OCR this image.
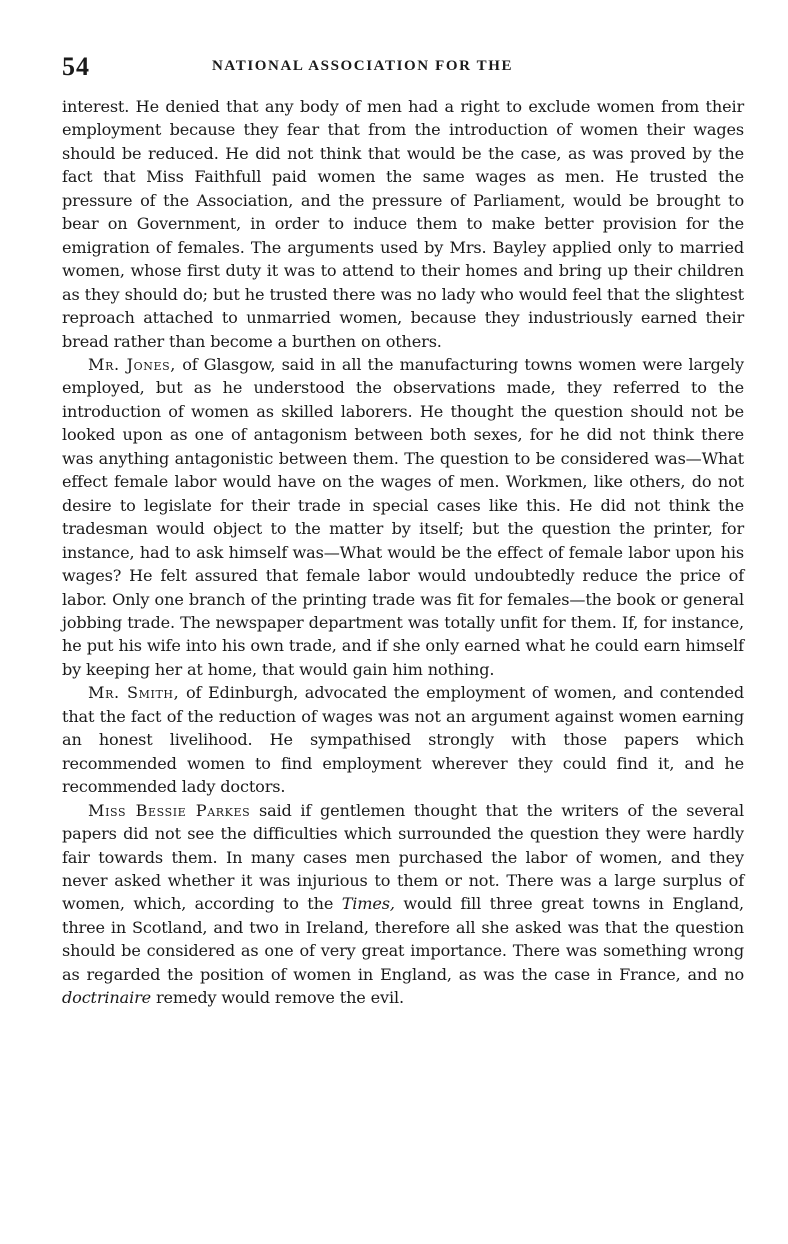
54	NATIONAL ASSOCIATION FOR THE

interest. He denied that any body of men had a right to exclude women from their employment because they fear that from the introduction of women their wages should be reduced. He did not think that would be the case, as was proved by the fact that Miss Faithfull paid women the same wages as men. He trusted the pressure of the Association, and the pressure of Parliament, would be brought to bear on Government, in order to induce them to make better provision for the emigration of females. The arguments used by Mrs. Bayley applied only to married women, whose first duty it was to attend to their homes and bring up their children as they should do; but he trusted there was no lady who would feel that the slightest reproach attached to unmarried women, because they industriously earned their bread rather than become a burthen on others.

Mr. Jones, of Glasgow, said in all the manufacturing towns women were largely employed, but as he understood the observations made, they referred to the introduction of women as skilled laborers. He thought the question should not be looked upon as one of antagonism between both sexes, for he did not think there was anything antagonistic between them. The question to be considered was—What effect female labor would have on the wages of men. Workmen, like others, do not desire to legislate for their trade in special cases like this. He did not think the tradesman would object to the matter by itself; but the question the printer, for instance, had to ask himself was—What would be the effect of female labor upon his wages? He felt assured that female labor would undoubtedly reduce the price of labor. Only one branch of the printing trade was fit for females—the book or general jobbing trade. The newspaper department was totally unfit for them. If, for instance, he put his wife into his own trade, and if she only earned what he could earn himself by keeping her at home, that would gain him nothing.

Mr. Smith, of Edinburgh, advocated the employment of women, and contended that the fact of the reduction of wages was not an argument against women earning an honest livelihood. He sympathised strongly with those papers which recommended women to find employment wherever they could find it, and he recommended lady doctors.

Miss Bessie Parkes said if gentlemen thought that the writers of the several papers did not see the difficulties which surrounded the question they were hardly fair towards them. In many cases men purchased the labor of women, and they never asked whether it was injurious to them or not. There was a large surplus of women, which, according to the Times, would fill three great towns in England, three in Scotland, and two in Ireland, therefore all she asked was that the question should be considered as one of very great importance. There was something wrong as regarded the position of women in England, as was the case in France, and no doctrinaire remedy would remove the evil.
